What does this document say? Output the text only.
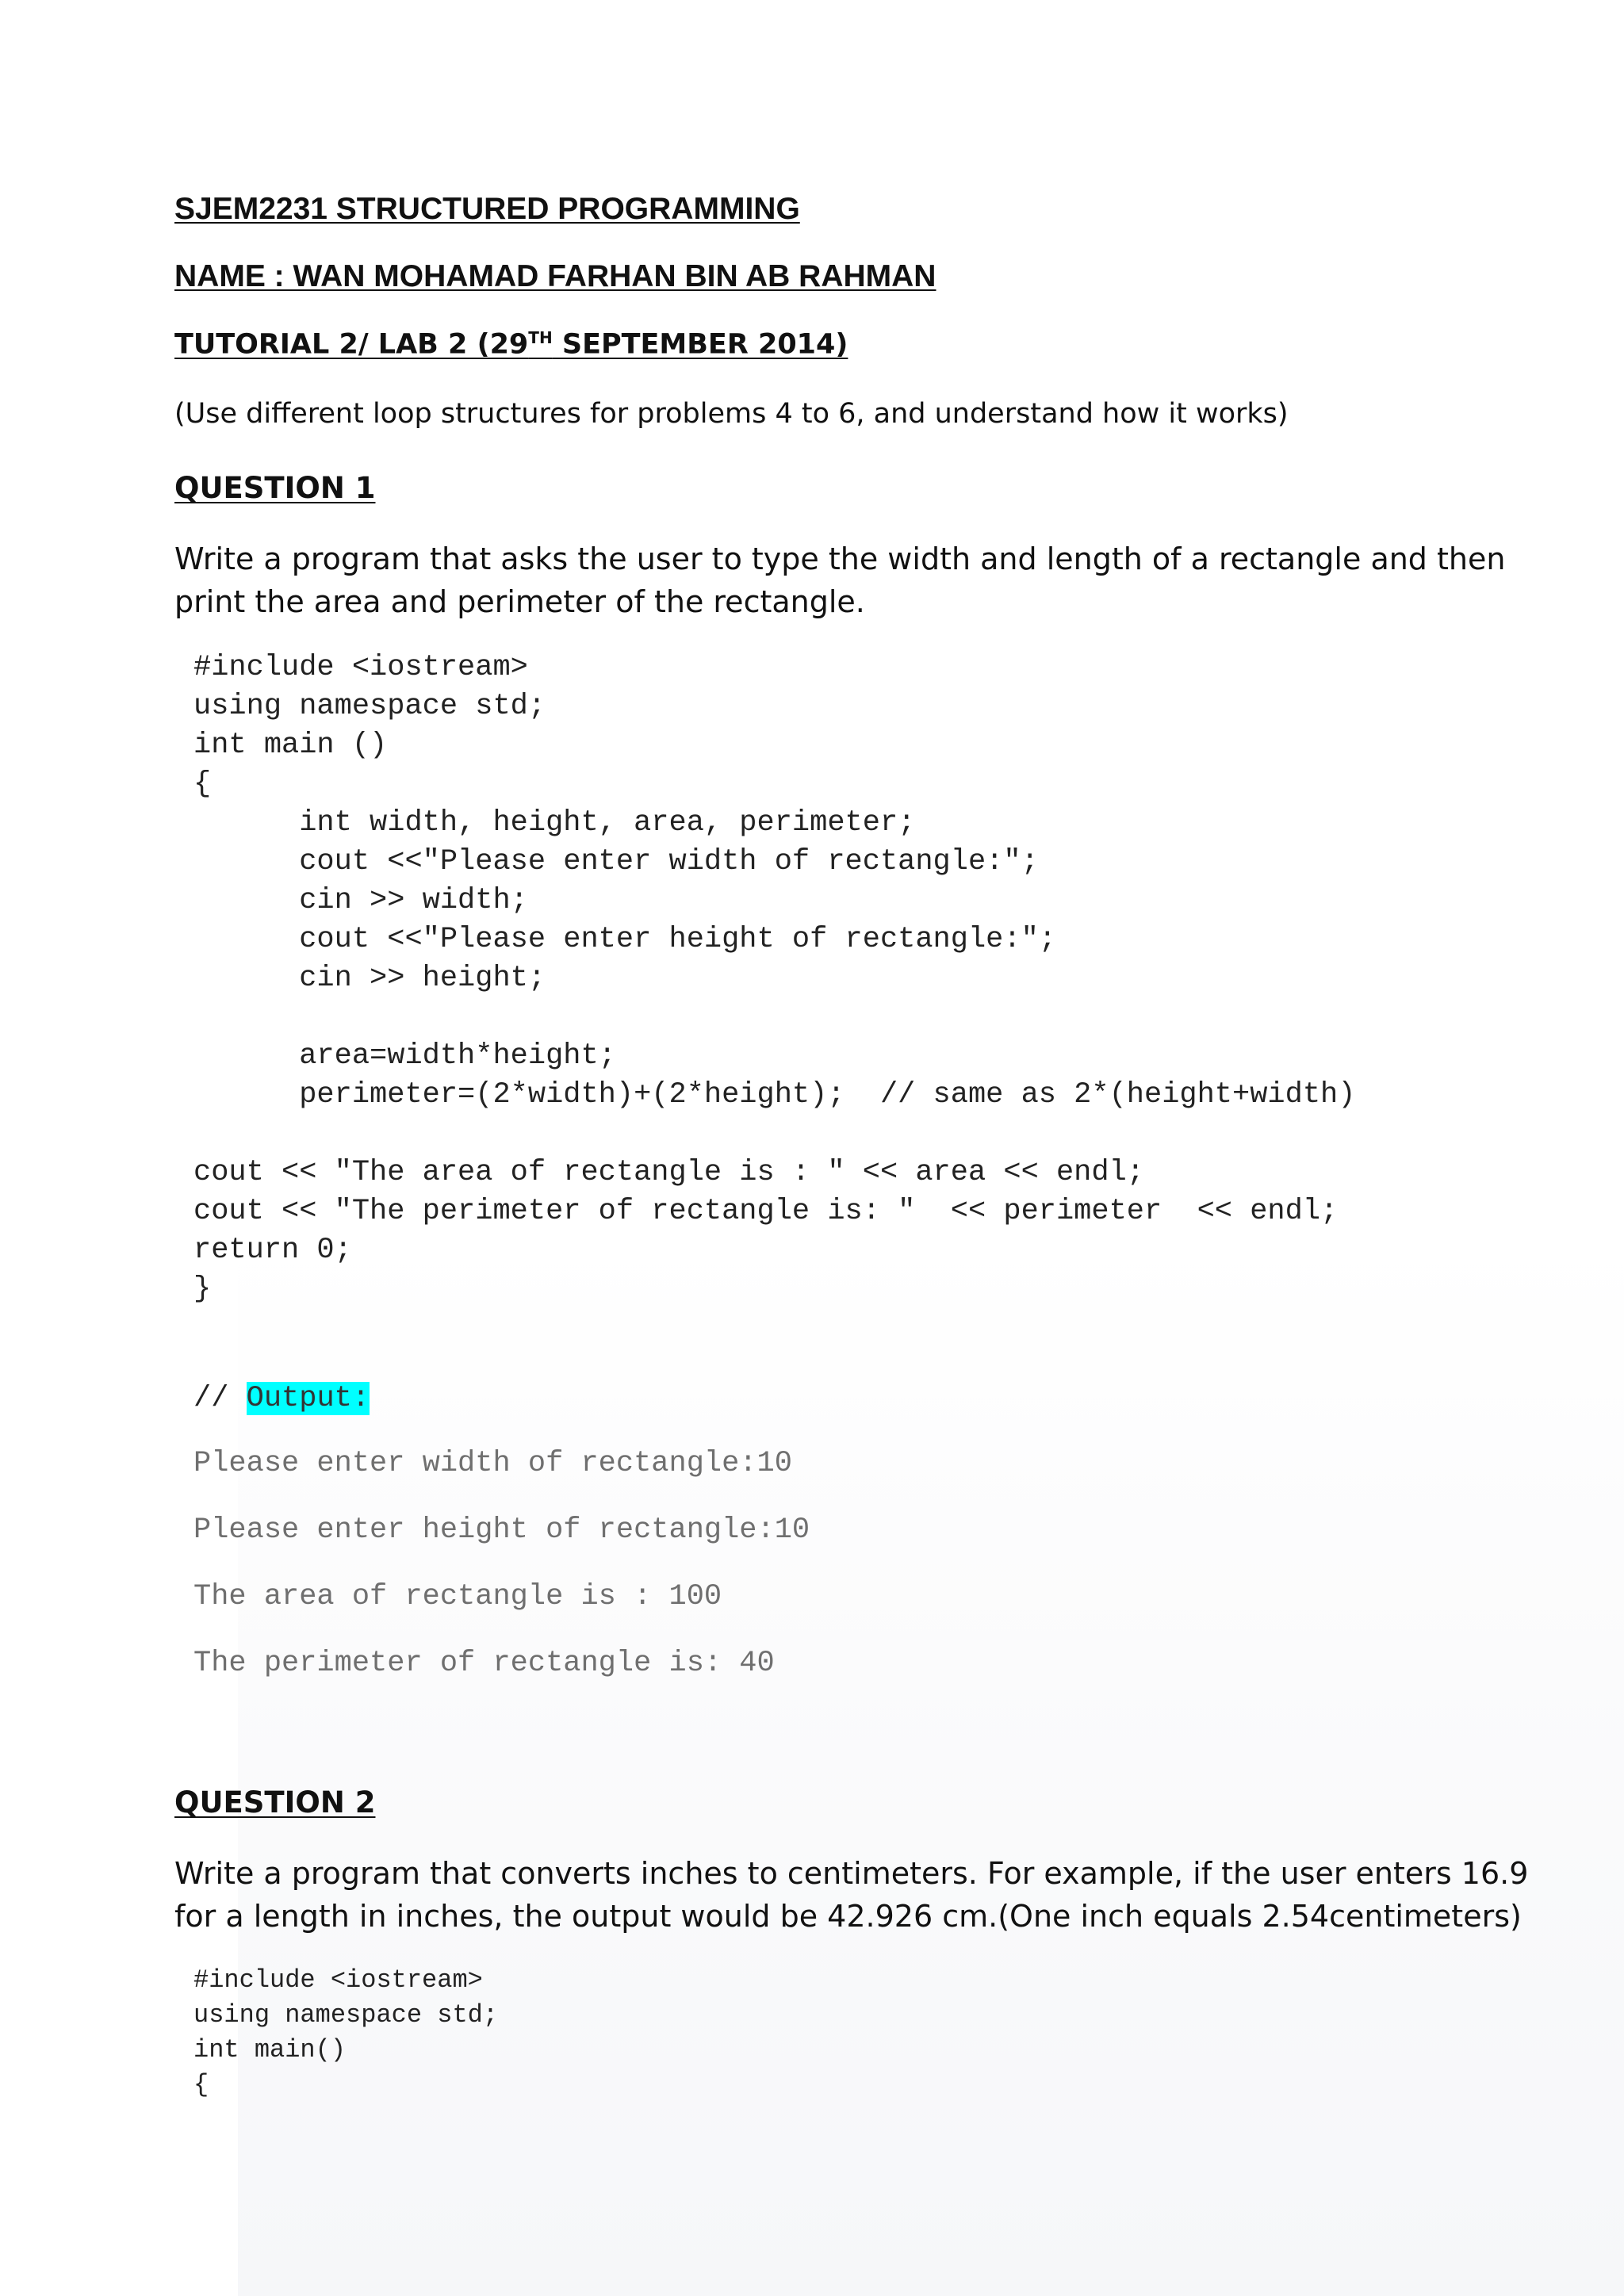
SJEM2231 STRUCTURED PROGRAMMING
NAME : WAN MOHAMAD FARHAN BIN AB RAHMAN
TUTORIAL 2/ LAB 2 (29TH SEPTEMBER 2014)
(Use different loop structures for problems 4 to 6, and understand how it works)
QUESTION 1
Write a program that asks the user to type the width and length of a rectangle and then
print the area and perimeter of the rectangle.
#include <iostream>
using namespace std;
int main ()
{
int width, height, area, perimeter;
cout <<"Please enter width of rectangle:";
cin >> width;
cout <<"Please enter height of rectangle:";
cin >> height;
area=width*height;
perimeter=(2*width)+(2*height);  // same as 2*(height+width)
cout << "The area of rectangle is : " << area << endl;
cout << "The perimeter of rectangle is: "  << perimeter  << endl;
return 0;
}
// Output:
Please enter width of rectangle:10
Please enter height of rectangle:10
The area of rectangle is : 100
The perimeter of rectangle is: 40
QUESTION 2
Write a program that converts inches to centimeters. For example, if the user enters 16.9
for a length in inches, the output would be 42.926 cm.(One inch equals 2.54centimeters)
#include <iostream>
using namespace std;
int main()
{
